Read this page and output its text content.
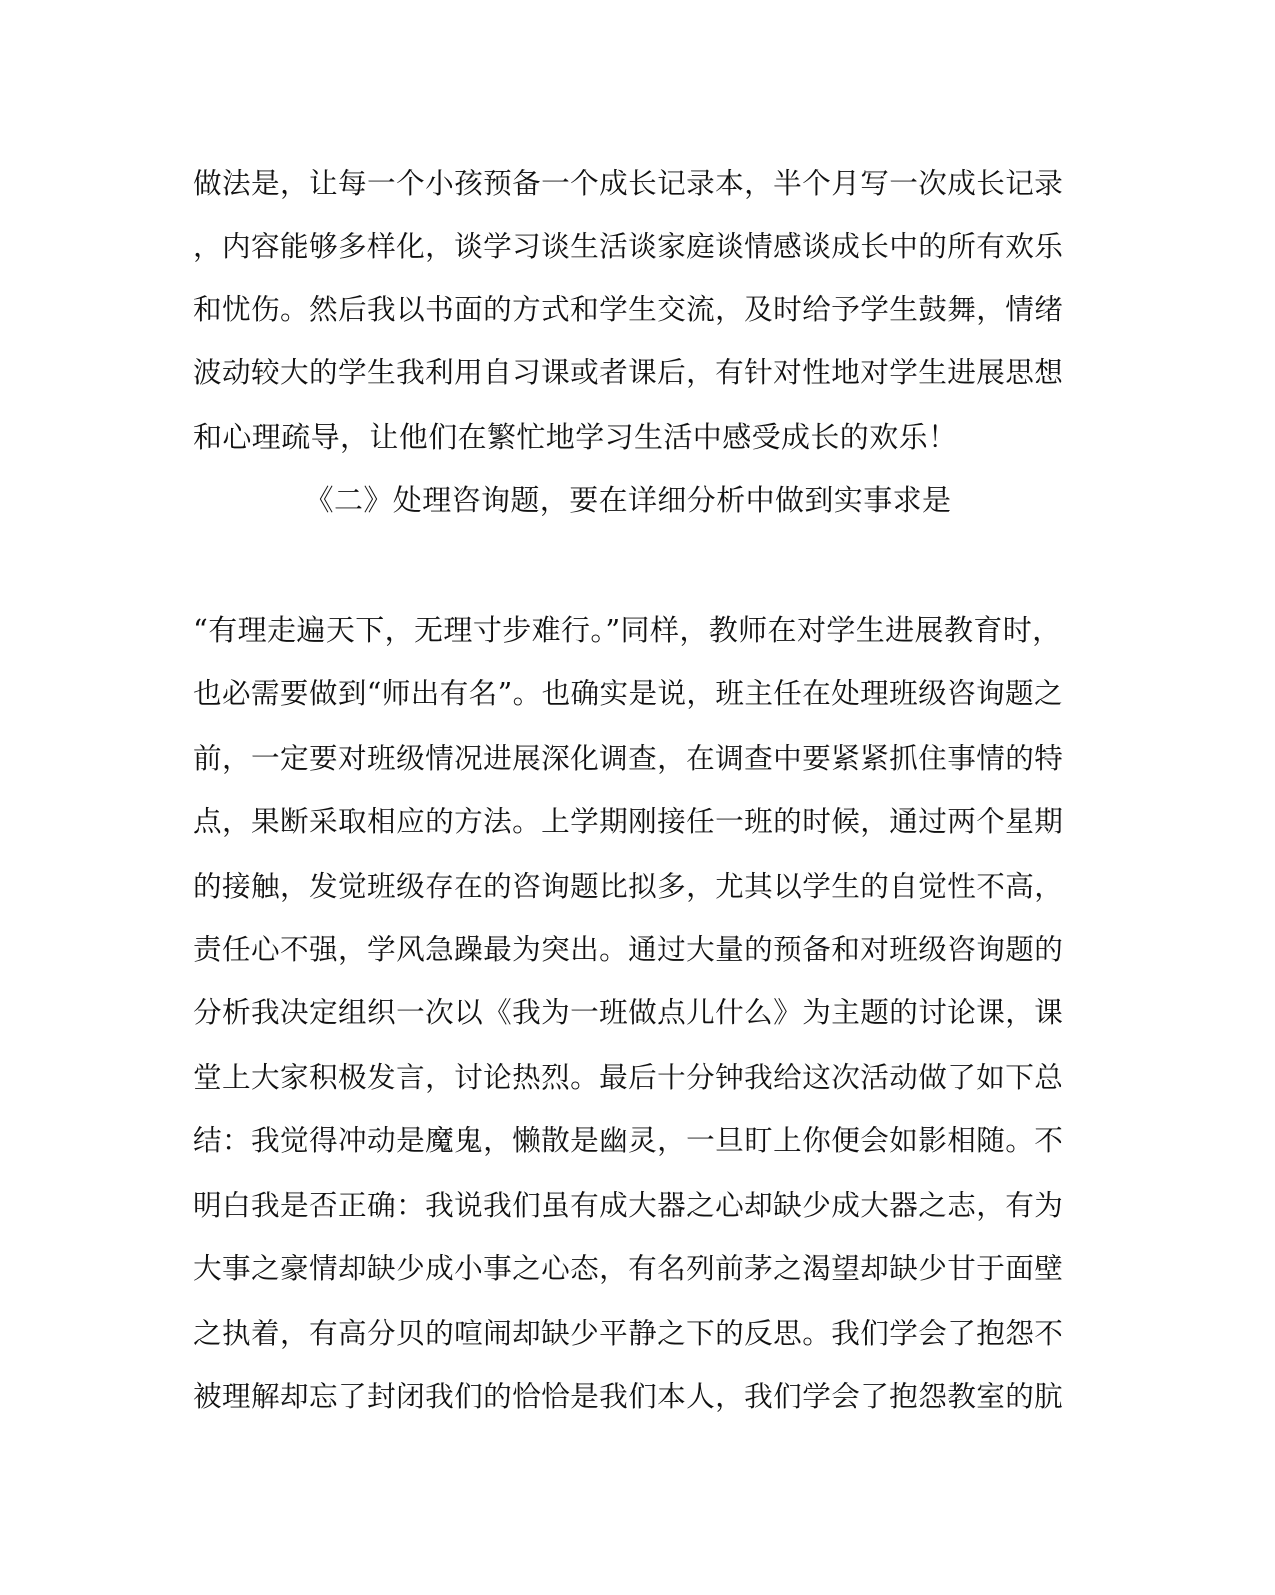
做法是，让每一个小孩预备一个成长记录本，半个月写一次成长记录
，内容能够多样化，谈学习谈生活谈家庭谈情感谈成长中的所有欢乐
和忧伤。然后我以书面的方式和学生交流，及时给予学生鼓舞，情绪
波动较大的学生我利用自习课或者课后，有针对性地对学生进展思想
和心理疏导，让他们在繁忙地学习生活中感受成长的欢乐！
《二》处理咨询题，要在详细分析中做到实事求是
“有理走遍天下，无理寸步难行。”同样，教师在对学生进展教育时，
也必需要做到“师出有名”。也确实是说，班主任在处理班级咨询题之
前，一定要对班级情况进展深化调查，在调查中要紧紧抓住事情的特
点，果断采取相应的方法。上学期刚接任一班的时候，通过两个星期
的接触，发觉班级存在的咨询题比拟多，尤其以学生的自觉性不高，
责任心不强，学风急躁最为突出。通过大量的预备和对班级咨询题的
分析我决定组织一次以《我为一班做点儿什么》为主题的讨论课，课
堂上大家积极发言，讨论热烈。最后十分钟我给这次活动做了如下总
结：我觉得冲动是魔鬼，懒散是幽灵，一旦盯上你便会如影相随。不
明白我是否正确：我说我们虽有成大器之心却缺少成大器之志，有为
大事之豪情却缺少成小事之心态，有名列前茅之渴望却缺少甘于面壁
之执着，有高分贝的喧闹却缺少平静之下的反思。我们学会了抱怨不
被理解却忘了封闭我们的恰恰是我们本人，我们学会了抱怨教室的肮
